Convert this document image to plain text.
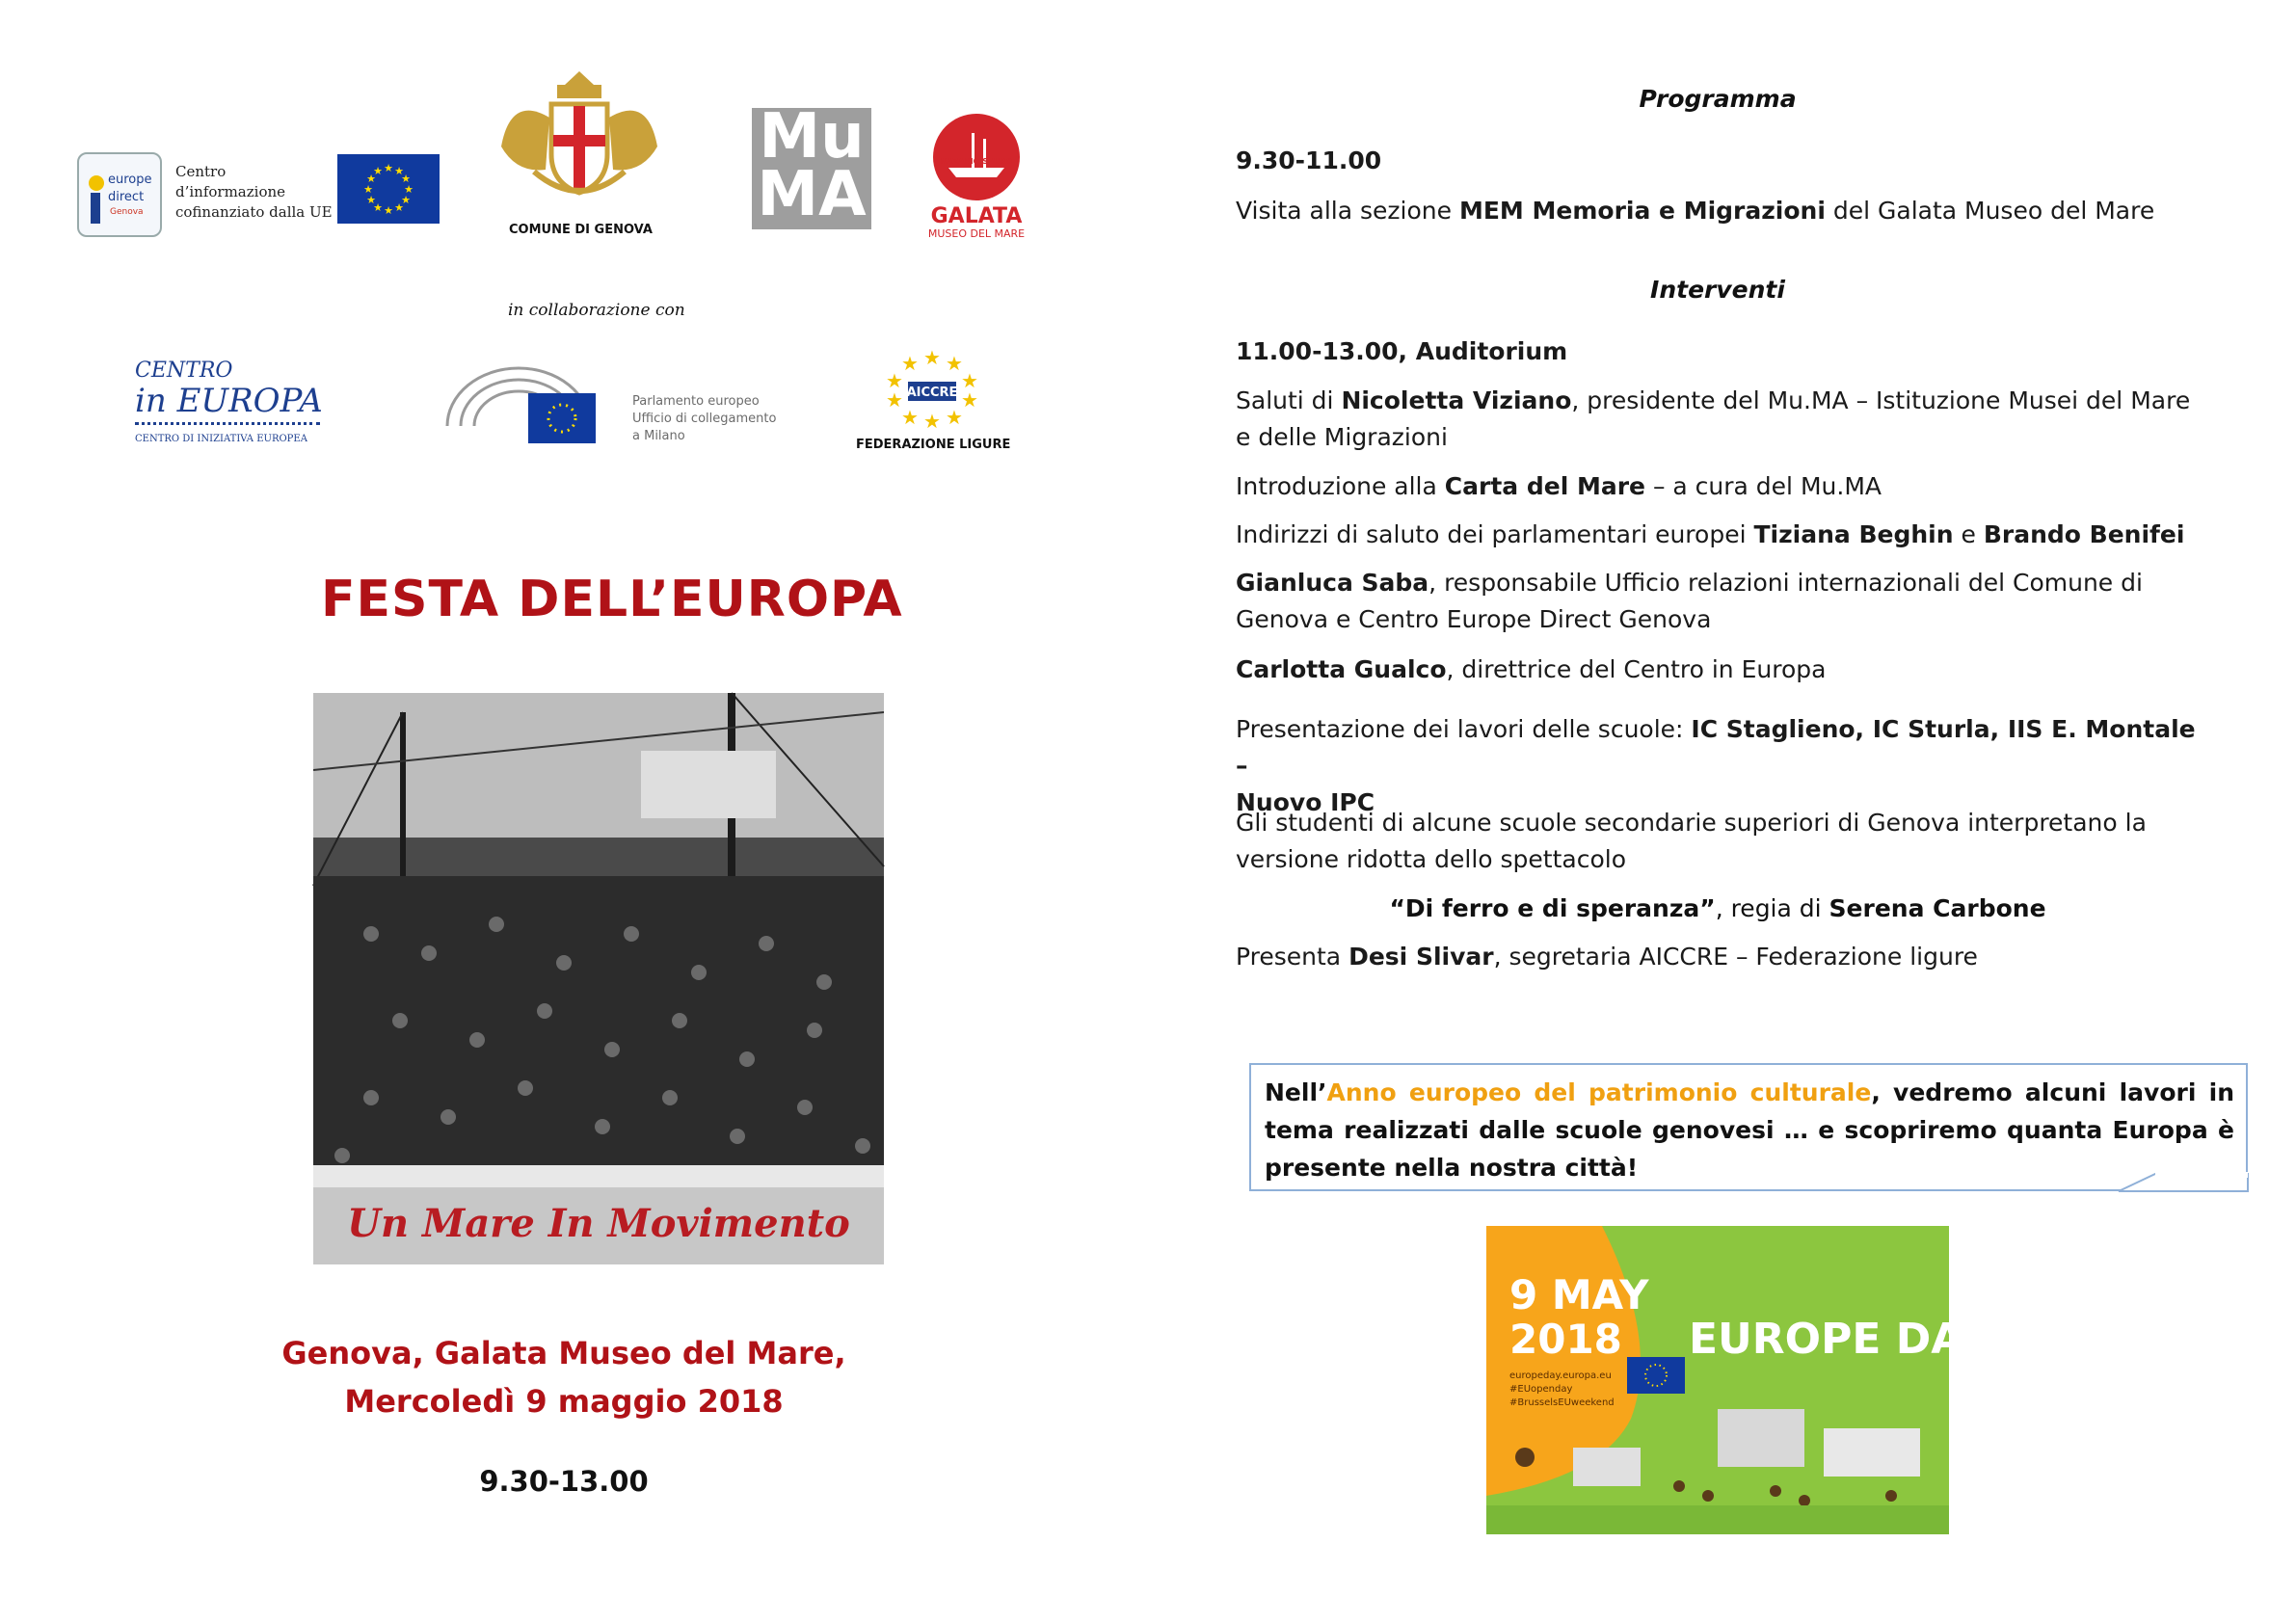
europe
direct
Genova
Centro
d’informazione
cofinanziato dalla UE
★ ★
★
★
★
★
★
★
★
★
★
★
COMUNE DI GENOVA
Mu
MA	NAZARIO SAURO
GALATA
MUSEO DEL MARE
in collaborazione con
CENTRO
in EUROPA
CENTRO DI INIZIATIVA EUROPEA
Parlamento europeo
Ufficio di collegamento
a Milano
★ ★
★
★
★
★
★
★
★
★
AICCRE
FEDERAZIONE LIGURE
FESTA DELL’EUROPA
Un Mare In Movimento
Genova, Galata Museo del Mare,
Mercoledì 9 maggio 2018
9.30-13.00
Programma
9.30-11.00
Visita alla sezione MEM Memoria e Migrazioni del Galata Museo del Mare
Interventi
11.00-13.00, Auditorium
Saluti di Nicoletta Viziano, presidente del Mu.MA – Istituzione Musei del Mare
e delle Migrazioni
Introduzione alla Carta del Mare – a cura del Mu.MA
Indirizzi di saluto dei parlamentari europei Tiziana Beghin e Brando Benifei
Gianluca Saba, responsabile Ufficio relazioni internazionali del Comune di
Genova e Centro Europe Direct Genova
Carlotta Gualco, direttrice del Centro in Europa
Presentazione dei lavori delle scuole: IC Staglieno, IC Sturla, IIS E. Montale –
Nuovo IPC
Gli studenti di alcune scuole secondarie superiori di Genova interpretano la
versione ridotta dello spettacolo
“Di ferro e di speranza”, regia di Serena Carbone
Presenta Desi Slivar, segretaria AICCRE – Federazione ligure
Nell’Anno europeo del patrimonio culturale, vedremo alcuni lavori in tema realizzati dalle scuole genovesi … e scopriremo quanta Europa è presente nella nostra città!
9 MAY
2018 EUROPE DAY
europeday.europa.eu
#EUopenday
#BrusselsEUweekend
